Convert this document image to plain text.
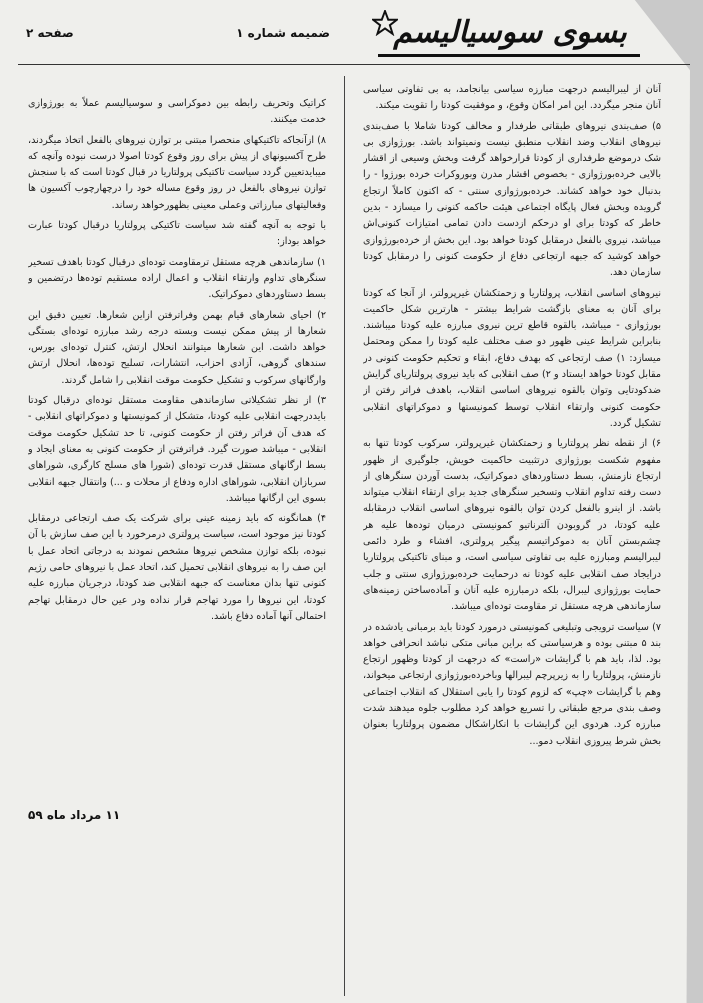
بسوی سوسیالیسم
ضمیمه شماره ۱
صفحه ۲

آنان از لیبرالیسم درجهت مبارزه سیاسی بیانجامد، به بی تفاوتی سیاسی آنان منجر میگردد. این امر امکان وقوع، و موفقیت کودتا را تقویت میکند.

۵) صف‌بندی نیروهای طبقاتی طرفدار و مخالف کودتا شاملا با صف‌بندی نیروهای انقلاب وضد انقلاب منطبق نیست ونمیتواند باشد. بورژوازی بی شک درموضع طرفداری از کودتا قرارخواهد گرفت وبخش وسیعی از اقشار بالایی خرده‌بورژوازی - بخصوص اقشار مدرن وبوروکرات خرده بورژوا - را بدنبال خود خواهد کشاند. خرده‌بورژوازی سنتی - که اکنون کاملاً ارتجاع گرویده وبخش فعال پایگاه اجتماعی هیئت حاکمه کنونی را میسازد - بدین خاطر که کودتا برای او درحکم ازدست دادن تمامی امتیازات کنونی‌اش میباشد، نیروی بالفعل درمقابل کودتا خواهد بود. این بخش از خرده‌بورژوازی خواهد کوشید که جبهه ارتجاعی دفاع از حکومت کنونی را درمقابل کودتا سازمان دهد.

نیروهای اساسی انقلاب، پرولتاریا و زحمتکشان غیرپرولتر، از آنجا که کودتا برای آنان به معنای بازگشت شرایط بیشتر - هارترین شکل حاکمیت بورژوازی - میباشد، بالقوه قاطع ترین نیروی مبارزه علیه کودتا میباشند. بنابراین شرایط عینی ظهور دو صف مختلف علیه کودتا را ممکن ومحتمل میسازد: ۱) صف ارتجاعی که بهدف دفاع، ابقاء و تحکیم حکومت کنونی در مقابل کودتا خواهد ایستاد و ۲) صف انقلابی که باید نیروی پرولتاریای گرایش ضدکودتایی وتوان بالقوه نیروهای اساسی انقلاب، باهدف فراتر رفتن از حکومت کنونی وارتقاء انقلاب توسط کمونیستها و دموکراتهای انقلابی تشکیل گردد.

۶) از نقطه نظر پرولتاریا و زحمتکشان غیرپرولتر، سرکوب کودتا تنها به مفهوم شکست بورژوازی درتثبیت حاکمیت خویش، جلوگیری از ظهور ارتجاع نازمنش، بسط دستاوردهای دموکراتیک، بدست آوردن سنگرهای از دست رفته تداوم انقلاب وتسخیر سنگرهای جدید برای ارتقاء انقلاب میتواند باشد. از اینرو بالفعل کردن توان بالقوه نیروهای اساسی انقلاب درمقابله علیه کودتا، در گروبودن آلترناتیو کمونیستی درمیان توده‌ها علیه هر چشم‌بستن آنان به دموکراتیسم پیگیر پرولتری، افشاء و طرد دائمی لیبرالیسم ومبارزه علیه بی تفاوتی سیاسی است، و مبنای تاکتیکی پرولتاریا درایجاد صف انقلابی علیه کودتا نه درحمایت خرده‌بورژوازی سنتی و جلب حمایت بورژوازی لیبرال، بلکه درمبارزه علیه آنان و آماده‌ساختن زمینه‌های سازماندهی هرچه مستقل تر مقاومت توده‌ای میباشد.

۷) سیاست ترویجی وتبلیغی کمونیستی درمورد کودتا باید برمبانی یادشده در بند ۵ مبتنی بوده و هرسیاستی که براین مبانی متکی نباشد انحرافی خواهد بود. لذا، باید هم با گرایشات «راست» که درجهت از کودتا وظهور ارتجاع نازمنش، پرولتاریا را به زیرپرچم لیبرالها وباخرده‌بورژوازی ارتجاعی میخواند، وهم با گرایشات «چپ» که لزوم کودتا را یابی استقلال که انقلاب اجتماعی وصف بندی مرجع طبقاتی را تسریع خواهد کرد مطلوب جلوه میدهند شدت مبارزه کرد. هردوی این گرایشات با انکاراشکال مضمون پرولتاریا بعنوان بخش شرط پیروزی انقلاب دمو...

کراتیک وتحریف رابطه بین دموکراسی و سوسیالیسم عملاً به بورژوازی خدمت میکنند.

۸) ازآنجاکه تاکتیکهای منحصرا مبتنی بر توازن نیروهای بالفعل اتخاذ میگردند، طرح آکسیونهای از پیش برای روز وقوع کودتا اصولا درست نبوده وآنچه که میبایدتعیین گردد سیاست تاکتیکی پرولتاریا در قبال کودتا است که با سنجش توازن نیروهای بالفعل در روز وقوع مساله خود را درچهارچوب آکسیون ها وفعالیتهای مبارزاتی وعملی معینی بظهورخواهد رساند.

با توجه به آنچه گفته شد سیاست تاکتیکی پرولتاریا درقبال کودتا عبارت خواهد بوداز:

۱) سازماندهی هرچه مستقل ترمقاومت توده‌ای درقبال کودتا باهدف تسخیر سنگرهای تداوم وارتقاء انقلاب و اعمال اراده مستقیم توده‌ها درتضمین و بسط دستاوردهای دموکراتیک.

۲) احیای شعارهای قیام بهمن وفراترفتن ازاین شعارها. تعیین دقیق این شعارها از پیش ممکن نیست وبسته درجه رشد مبارزه توده‌ای بستگی خواهد داشت. این شعارها میتوانند انحلال ارتش، کنترل توده‌ای بورس، سندهای گروهی، آزادی احزاب، انتشارات، تسلیح توده‌ها، انحلال ارتش وارگانهای سرکوب و تشکیل حکومت موقت انقلابی را شامل گردند.

۳) از نظر تشکیلاتی سازماندهی مقاومت مستقل توده‌ای درقبال کودتا بایددرجهت انقلابی علیه کودتا، متشکل از کمونیستها و دموکراتهای انقلابی - که هدف آن فراتر رفتن از حکومت کنونی، تا حد تشکیل حکومت موقت انقلابی - میباشد صورت گیرد. فراترفتن از حکومت کنونی به معنای ایجاد و بسط ارگانهای مستقل قدرت توده‌ای (شورا های مسلح کارگری، شوراهای سربازان انقلابی، شوراهای اداره ودفاع از محلات و ...) وانتقال جبهه انقلابی بسوی این ارگانها میباشد.

۴) همانگونه که باید زمینه عینی برای شرکت یک صف ارتجاعی درمقابل کودتا نیز موجود است، سیاست پرولتری درمرخورد با این صف سازش با آن نبوده، بلکه توازن مشخص نیروها مشخص نمودند به درجاتی اتحاد عمل با این صف را به نیروهای انقلابی تحمیل کند، اتحاد عمل با نیروهای حامی رژیم کنونی تنها بدان معناست که جبهه انقلابی ضد کودتا، درجریان مبارزه علیه کودتا، این نیروها را مورد تهاجم قرار نداده ودر عین حال درمقابل تهاجم احتمالی آنها آماده دفاع باشد.

۱۱ مرداد ماه ۵۹
